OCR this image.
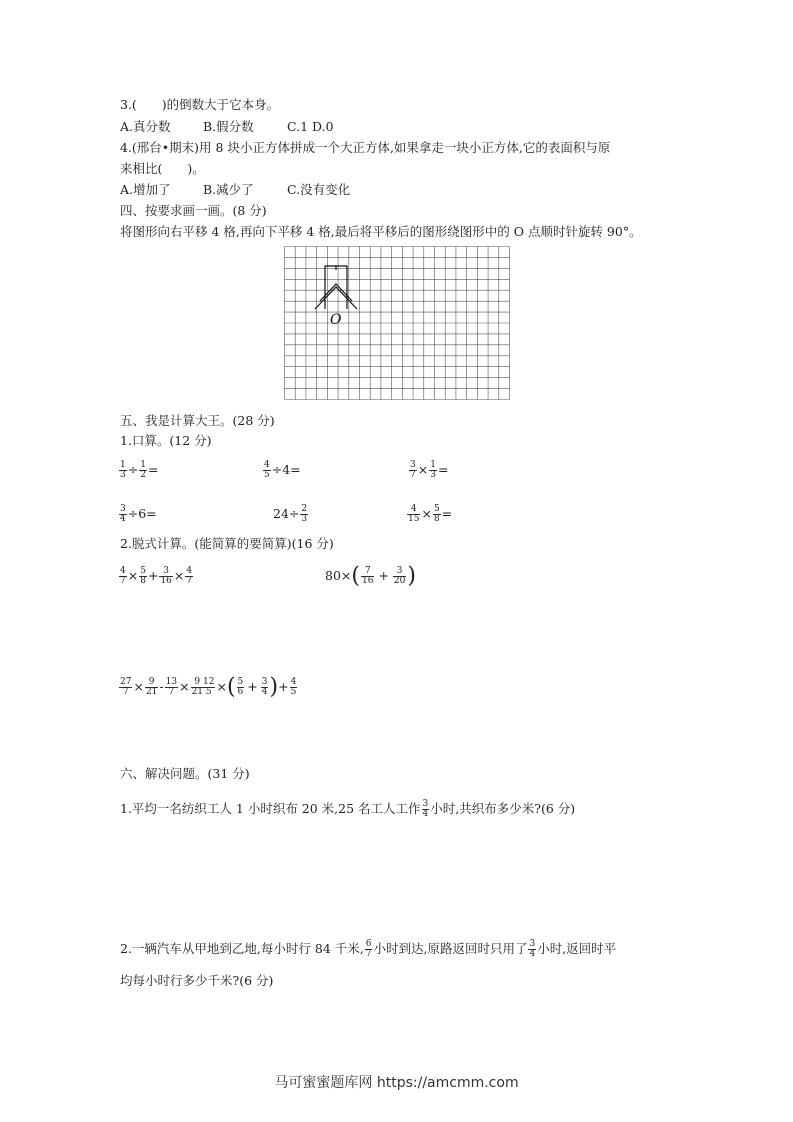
3.(　　)的倒数大于它本身。
A.真分数	B.假分数	C.1 D.0
4.(邢台•期末)用 8 块小正方体拼成一个大正方体,如果拿走一块小正方体,它的表面积与原
来相比(　　)。
A.增加了	B.减少了	C.没有变化
四、按要求画一画。(8 分)
将图形向右平移 4 格,再向下平移 4 格,最后将平移后的图形绕图形中的 O 点顺时针旋转 90°。
O
五、我是计算大王。(28 分)
1.口算。(12 分)
$\frac{1}{3} \div \frac{1}{2}$ =	$\frac{4}{5} \div 4=$	$\frac{3}{7} \times \frac{1}{3}$ =
$\frac{3}{4} \div 6=$	$24\div \frac{2}{3}$	$\frac{4}{15} \times \frac{5}{8}$ =
2.脱式计算。(能简算的要简算)(16 分)
$\frac{4}{7} \times \frac{5}{8} + \frac{3}{16} \times \frac{4}{7}$	$80\times( \frac{7}{16} + \frac{3}{20}$ )
$\frac{27}{7} \times \frac{9}{21} - \frac{13}{7} \times \frac{9}{21}$
$\frac{12}{5}$ ×( $\frac{5}{6} + \frac{3}{4}$ )+ $\frac{4}{5}$
六、解决问题。(31 分)
1.平均一名纺织工人 1 小时织布 20 米,25 名工人工作 $\frac{3}{4}$ 小时,共织布多少米?(6 分)
2.一辆汽车从甲地到乙地,每小时行 84 千米, $\frac{6}{7}$ 小时到达,原路返回时只用了 $\frac{3}{4}$ 小时,返回时平
均每小时行多少千米?(6 分)
马可蜜蜜题库网 https://amcmm.com
